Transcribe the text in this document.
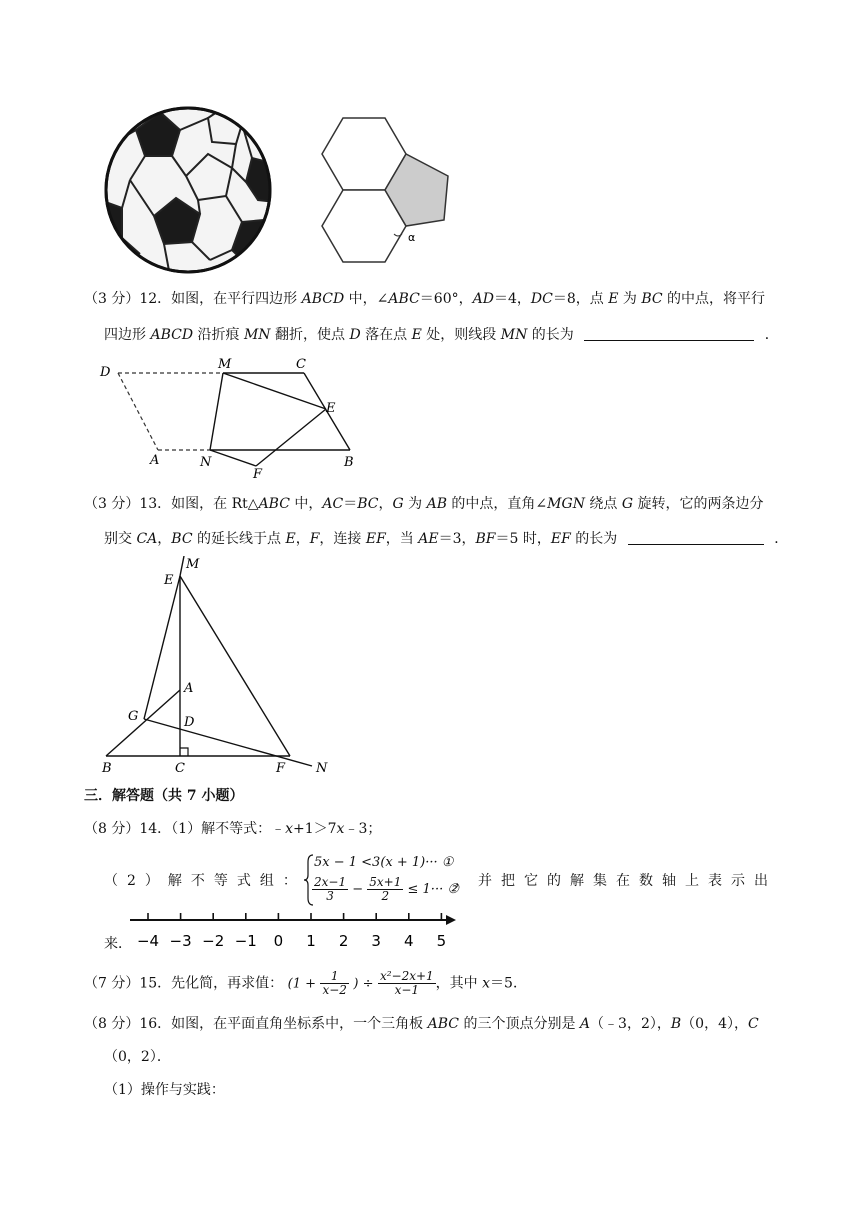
α
（3 分）12．如图，在平行四边形 ABCD 中，∠ABC＝60°，AD＝4，DC＝8，点 E 为 BC 的中点，将平行
四边形 ABCD 沿折痕 MN 翻折，使点 D 落在点 E 处，则线段 MN 的长为	．
D
M	C
E
A	N
F
B
（3 分）13．如图，在 Rt△ABC 中，AC＝BC，G 为 AB 的中点，直角∠MGN 绕点 G 旋转，它的两条边分
别交 CA，BC 的延长线于点 E，F，连接 EF，当 AE＝3，BF＝5 时，EF 的长为	．
E
M
A
G	D
B	C	F N
三．解答题（共 7 小题）
（8 分）14．（1）解不等式：﹣x+1＞7x﹣3；
（2）解不等式组：
5x − 1 <3(x + 1)··· ①
$\frac{2x-1}{3} - \frac{5x+1}{2} \le 1\cdot\cdot\cdot$ ②
，并把它的解集在数轴上表示出
来． −4 −3 −2 −1 0 1 2 3 4 5
（7 分）15．先化简，再求值： ($1 + \frac{1}{x-2}$ ) ÷ $\frac{\text{x²−2x+1}}{x-1}$ ，其中 x＝5．
（8 分）16．如图，在平面直角坐标系中，一个三角板 ABC 的三个顶点分别是 A（﹣3，2），B（0，4），C
（0，2）．
（1）操作与实践：
